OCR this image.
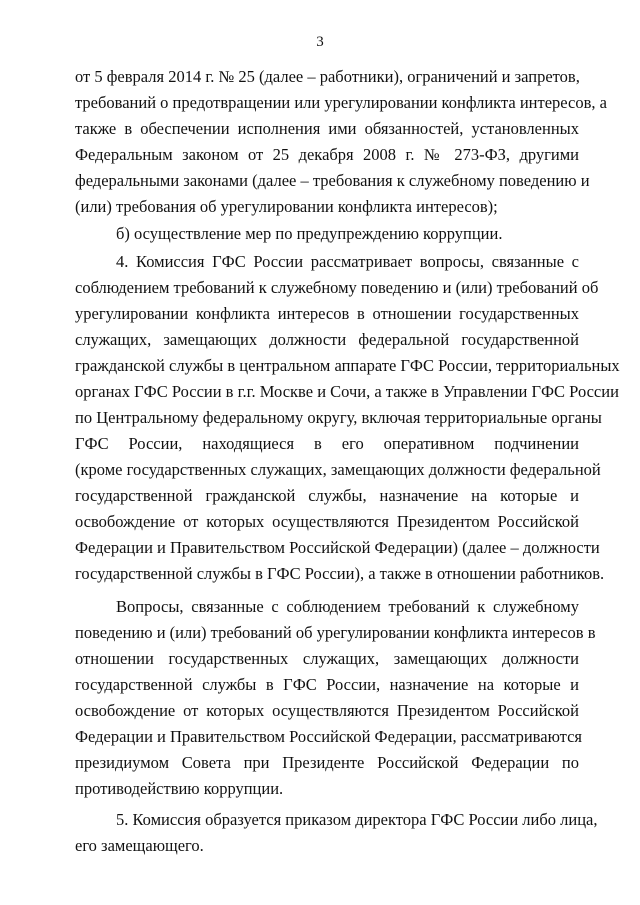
3
от 5 февраля 2014 г. № 25 (далее – работники), ограничений и запретов,
требований о предотвращении или урегулировании конфликта интересов, а
также в обеспечении исполнения ими обязанностей, установленных
Федеральным законом от 25 декабря 2008 г. № 273-ФЗ, другими
федеральными законами (далее – требования к служебному поведению и
(или) требования об урегулировании конфликта интересов);
б) осуществление мер по предупреждению коррупции.
4. Комиссия ГФС России рассматривает вопросы, связанные с
соблюдением требований к служебному поведению и (или) требований об
урегулировании конфликта интересов в отношении государственных
служащих, замещающих должности федеральной государственной
гражданской службы в центральном аппарате ГФС России, территориальных
органах ГФС России в г.г. Москве и Сочи, а также в Управлении ГФС России
по Центральному федеральному округу, включая территориальные органы
ГФС России, находящиеся в его оперативном подчинении
(кроме государственных служащих, замещающих должности федеральной
государственной гражданской службы, назначение на которые и
освобождение от которых осуществляются Президентом Российской
Федерации и Правительством Российской Федерации) (далее – должности
государственной службы в ГФС России), а также в отношении работников.
Вопросы, связанные с соблюдением требований к служебному
поведению и (или) требований об урегулировании конфликта интересов в
отношении государственных служащих, замещающих должности
государственной службы в ГФС России, назначение на которые и
освобождение от которых осуществляются Президентом Российской
Федерации и Правительством Российской Федерации, рассматриваются
президиумом Совета при Президенте Российской Федерации по
противодействию коррупции.
5. Комиссия образуется приказом директора ГФС России либо лица,
его замещающего.
